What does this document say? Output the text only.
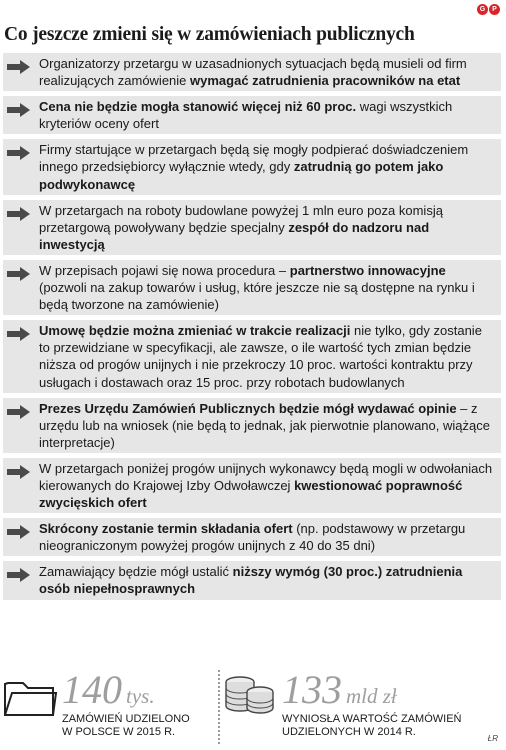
G P
Co jeszcze zmieni się w zamówieniach publicznych
Organizatorzy przetargu w uzasadnionych sytuacjach będą musieli od firm realizujących zamówienie wymagać zatrudnienia pracowników na etat
Cena nie będzie mogła stanowić więcej niż 60 proc. wagi wszystkich kryteriów oceny ofert
Firmy startujące w przetargach będą się mogły podpierać doświadczeniem innego przedsiębiorcy wyłącznie wtedy, gdy zatrudnią go potem jako podwykonawcę
W przetargach na roboty budowlane powyżej 1 mln euro poza komisją przetargową powoływany będzie specjalny zespół do nadzoru nad inwestycją
W przepisach pojawi się nowa procedura – partnerstwo innowacyjne (pozwoli na zakup towarów i usług, które jeszcze nie są dostępne na rynku i będą tworzone na zamówienie)
Umowę będzie można zmieniać w trakcie realizacji nie tylko, gdy zostanie to przewidziane w specyfikacji, ale zawsze, o ile wartość tych zmian będzie niższa od progów unijnych i nie przekroczy 10 proc. wartości kontraktu przy usługach i dostawach oraz 15 proc. przy robotach budowlanych
Prezes Urzędu Zamówień Publicznych będzie mógł wydawać opinie – z urzędu lub na wniosek (nie będą to jednak, jak pierwotnie planowano, wiążące interpretacje)
W przetargach poniżej progów unijnych wykonawcy będą mogli w odwołaniach kierowanych do Krajowej Izby Odwoławczej kwestionować poprawność zwycięskich ofert
Skrócony zostanie termin składania ofert (np. podstawowy w przetargu nieograniczonym powyżej progów unijnych z 40 do 35 dni)
Zamawiający będzie mógł ustalić niższy wymóg (30 proc.) zatrudnienia osób niepełnosprawnych
140 tys.
ZAMÓWIEŃ UDZIELONO
W POLSCE W 2015 R.
133 mld zł
WYNIOSŁA WARTOŚĆ ZAMÓWIEŃ
UDZIELONYCH W 2014 R.
ŁR
